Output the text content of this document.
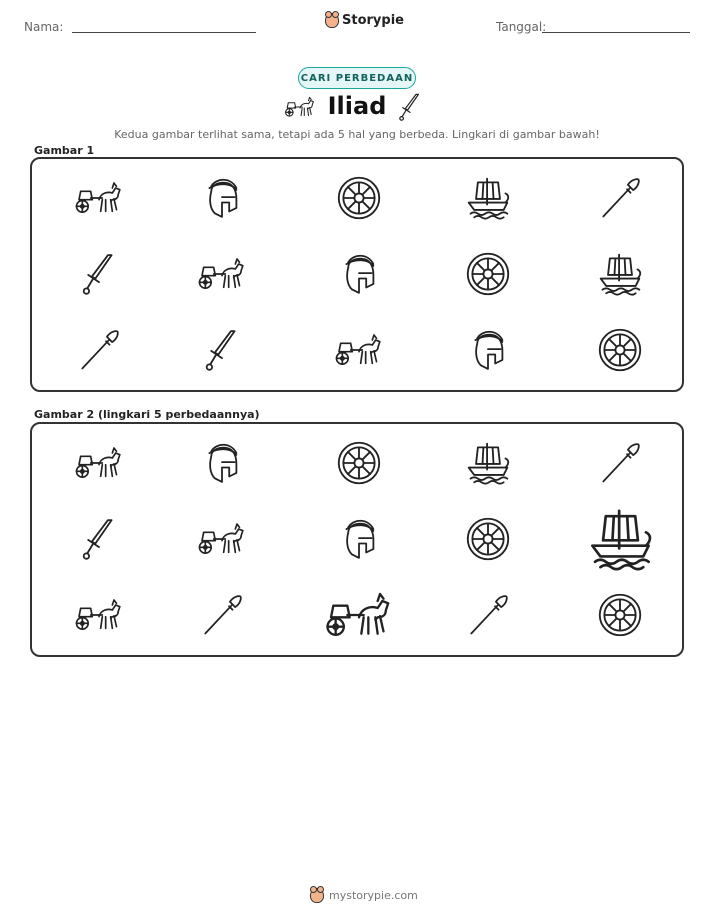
Nama:	Storypie	Tanggal:
CARI PERBEDAAN
Iliad
Kedua gambar terlihat sama, tetapi ada 5 hal yang berbeda. Lingkari di gambar bawah!
Gambar 1
Gambar 2 (lingkari 5 perbedaannya)
mystorypie.com
